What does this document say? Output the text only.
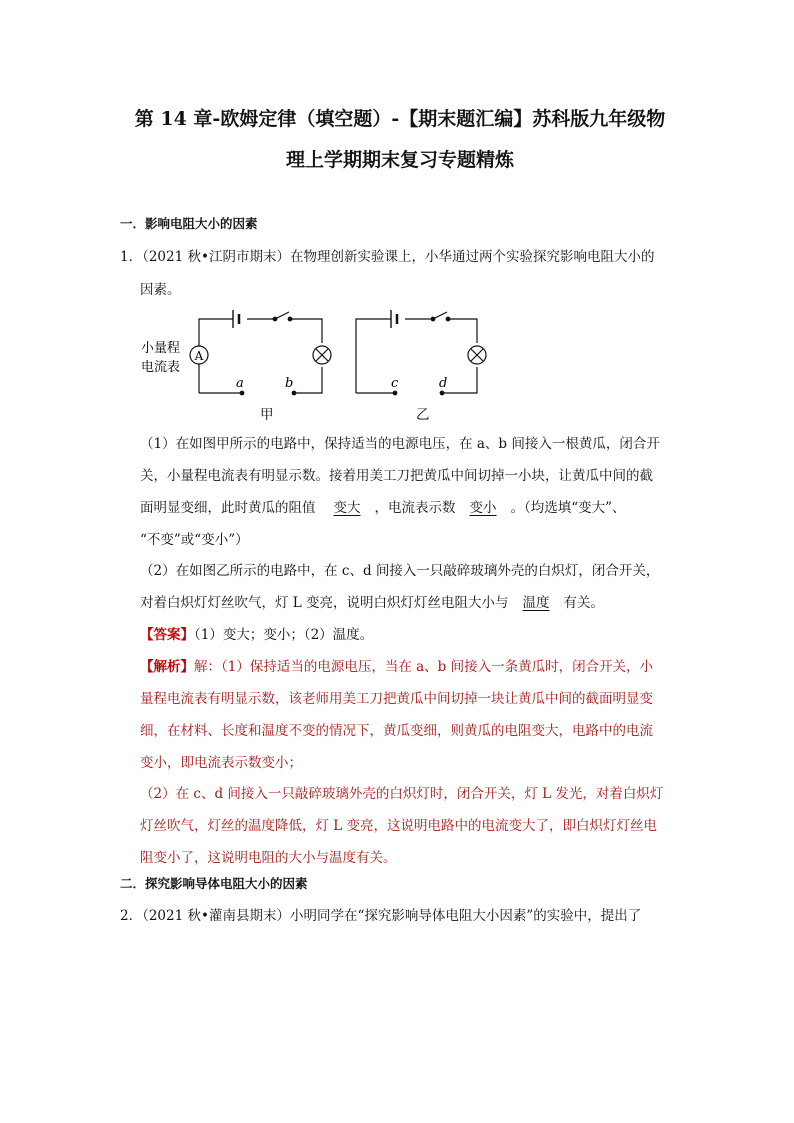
第 14 章-欧姆定律（填空题）-【期末题汇编】苏科版九年级物
理上学期期末复习专题精炼
一．影响电阻大小的因素
1．（2021 秋•江阴市期末）在物理创新实验课上，小华通过两个实验探究影响电阻大小的
因素。
A
小量程
电流表
a	b	c	d
甲	乙
（1）在如图甲所示的电路中，保持适当的电源电压，在 a、b 间接入一根黄瓜，闭合开
关，小量程电流表有明显示数。接着用美工刀把黄瓜中间切掉一小块，让黄瓜中间的截
面明显变细，此时黄瓜的阻值 变大 ，电流表示数 变小 。（均选填“变大”、
“不变”或“变小”）
（2）在如图乙所示的电路中，在 c、d 间接入一只敲碎玻璃外壳的白炽灯，闭合开关，
对着白炽灯灯丝吹气，灯 L 变亮，说明白炽灯灯丝电阻大小与 温度 有关。
【答案】（1）变大；变小；（2）温度。
【解析】解：（1）保持适当的电源电压，当在 a、b 间接入一条黄瓜时，闭合开关，小
量程电流表有明显示数，该老师用美工刀把黄瓜中间切掉一块让黄瓜中间的截面明显变
细，在材料、长度和温度不变的情况下，黄瓜变细，则黄瓜的电阻变大，电路中的电流
变小，即电流表示数变小；
（2）在 c、d 间接入一只敲碎玻璃外壳的白炽灯时，闭合开关，灯 L 发光，对着白炽灯
灯丝吹气，灯丝的温度降低，灯 L 变亮，这说明电路中的电流变大了，即白炽灯灯丝电
阻变小了，这说明电阻的大小与温度有关。
二．探究影响导体电阻大小的因素
2．（2021 秋•灌南县期末）小明同学在“探究影响导体电阻大小因素”的实验中，提出了
